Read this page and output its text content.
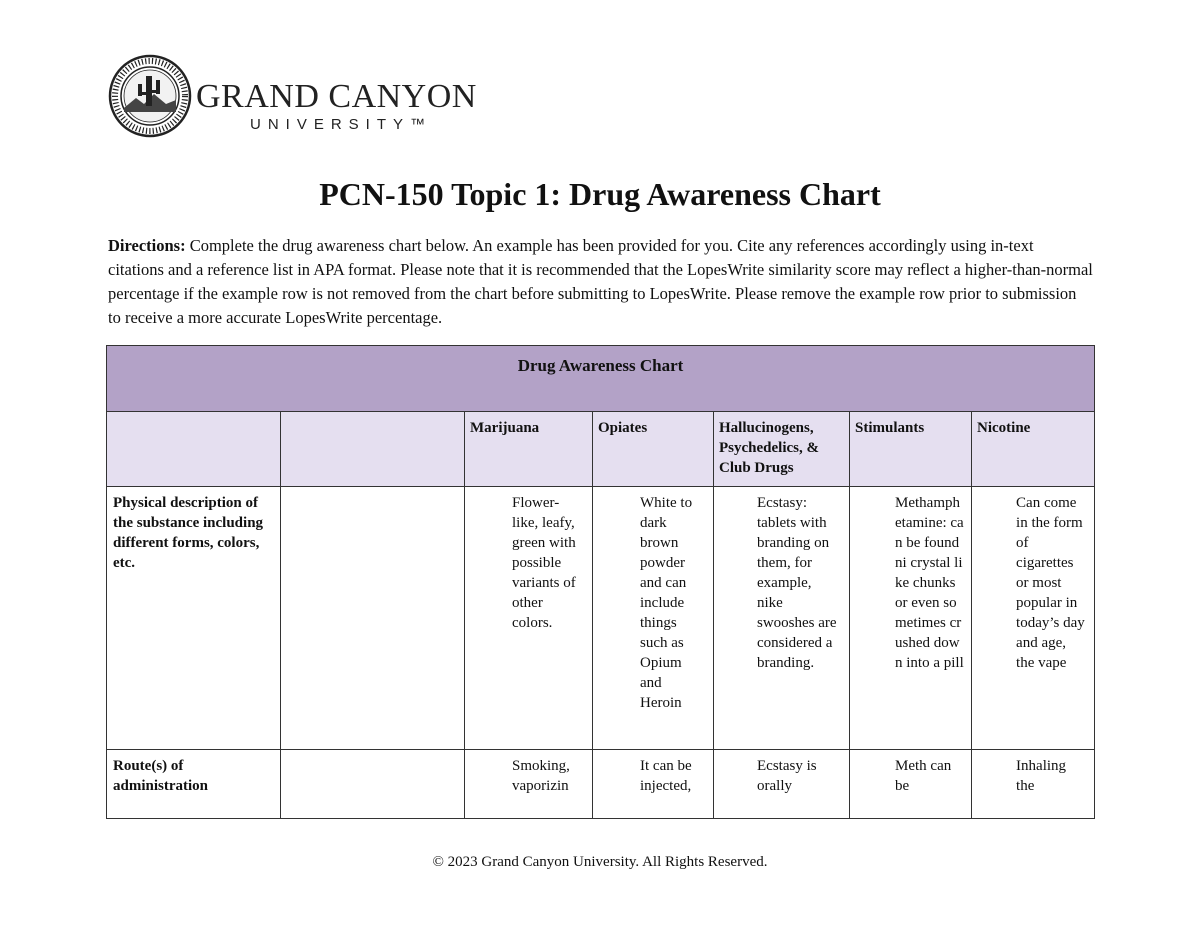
GRAND CANYON
UNIVERSITY™
PCN-150 Topic 1: Drug Awareness Chart

Directions: Complete the drug awareness chart below. An example has been provided for you. Cite any references accordingly using in-text citations and a reference list in APA format. Please note that it is recommended that the LopesWrite similarity score may reflect a higher-than-normal percentage if the example row is not removed from the chart before submitting to LopesWrite. Please remove the example row prior to submission to receive a more accurate LopesWrite percentage.

Drug Awareness Chart						
		Marijuana	Opiates	Hallucinogens, Psychedelics, & Club Drugs	Stimulants	Nicotine
Physical description of the substance including different forms, colors, etc.		Flower-like, leafy, green with possible variants of other colors.	White to dark brown powder and can include things such as Opium and Heroin	Ecstasy: tablets with branding on them, for example, nike swooshes are considered a branding.	Methamphetamine: can be found ni crystal like chunks or even sometimes crushed down into a pill	Can come in the form of cigarettes or most popular in today’s day and age, the vape

Route(s) of administration		Smoking, vaporizin	It can be injected,	Ecstasy is orally	Meth can be	Inhaling the
© 2023 Grand Canyon University. All Rights Reserved.
